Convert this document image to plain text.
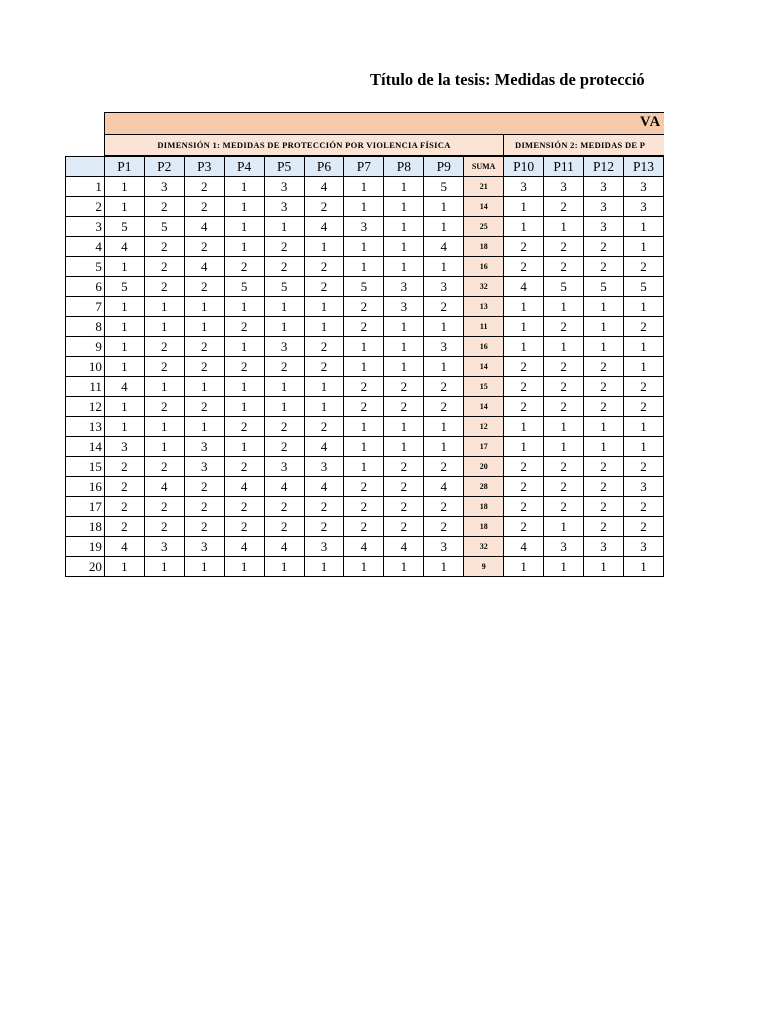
Título de la tesis: Medidas de protecció
VA
DIMENSIÓN 1: MEDIDAS DE PROTECCIÓN POR VIOLENCIA FÍSICA	DIMENSIÓN 2: MEDIDAS DE P
	P1	P2	P3	P4	P5	P6	P7	P8	P9	SUMA	P10	P11	P12	P13
1	1	3	2	1	3	4	1	1	5	21	3	3	3	3
2	1	2	2	1	3	2	1	1	1	14	1	2	3	3
3	5	5	4	1	1	4	3	1	1	25	1	1	3	1
4	4	2	2	1	2	1	1	1	4	18	2	2	2	1
5	1	2	4	2	2	2	1	1	1	16	2	2	2	2
6	5	2	2	5	5	2	5	3	3	32	4	5	5	5
7	1	1	1	1	1	1	2	3	2	13	1	1	1	1
8	1	1	1	2	1	1	2	1	1	11	1	2	1	2
9	1	2	2	1	3	2	1	1	3	16	1	1	1	1
10	1	2	2	2	2	2	1	1	1	14	2	2	2	1
11	4	1	1	1	1	1	2	2	2	15	2	2	2	2
12	1	2	2	1	1	1	2	2	2	14	2	2	2	2
13	1	1	1	2	2	2	1	1	1	12	1	1	1	1
14	3	1	3	1	2	4	1	1	1	17	1	1	1	1
15	2	2	3	2	3	3	1	2	2	20	2	2	2	2
16	2	4	2	4	4	4	2	2	4	28	2	2	2	3
17	2	2	2	2	2	2	2	2	2	18	2	2	2	2
18	2	2	2	2	2	2	2	2	2	18	2	1	2	2
19	4	3	3	4	4	3	4	4	3	32	4	3	3	3
20	1	1	1	1	1	1	1	1	1	9	1	1	1	1
